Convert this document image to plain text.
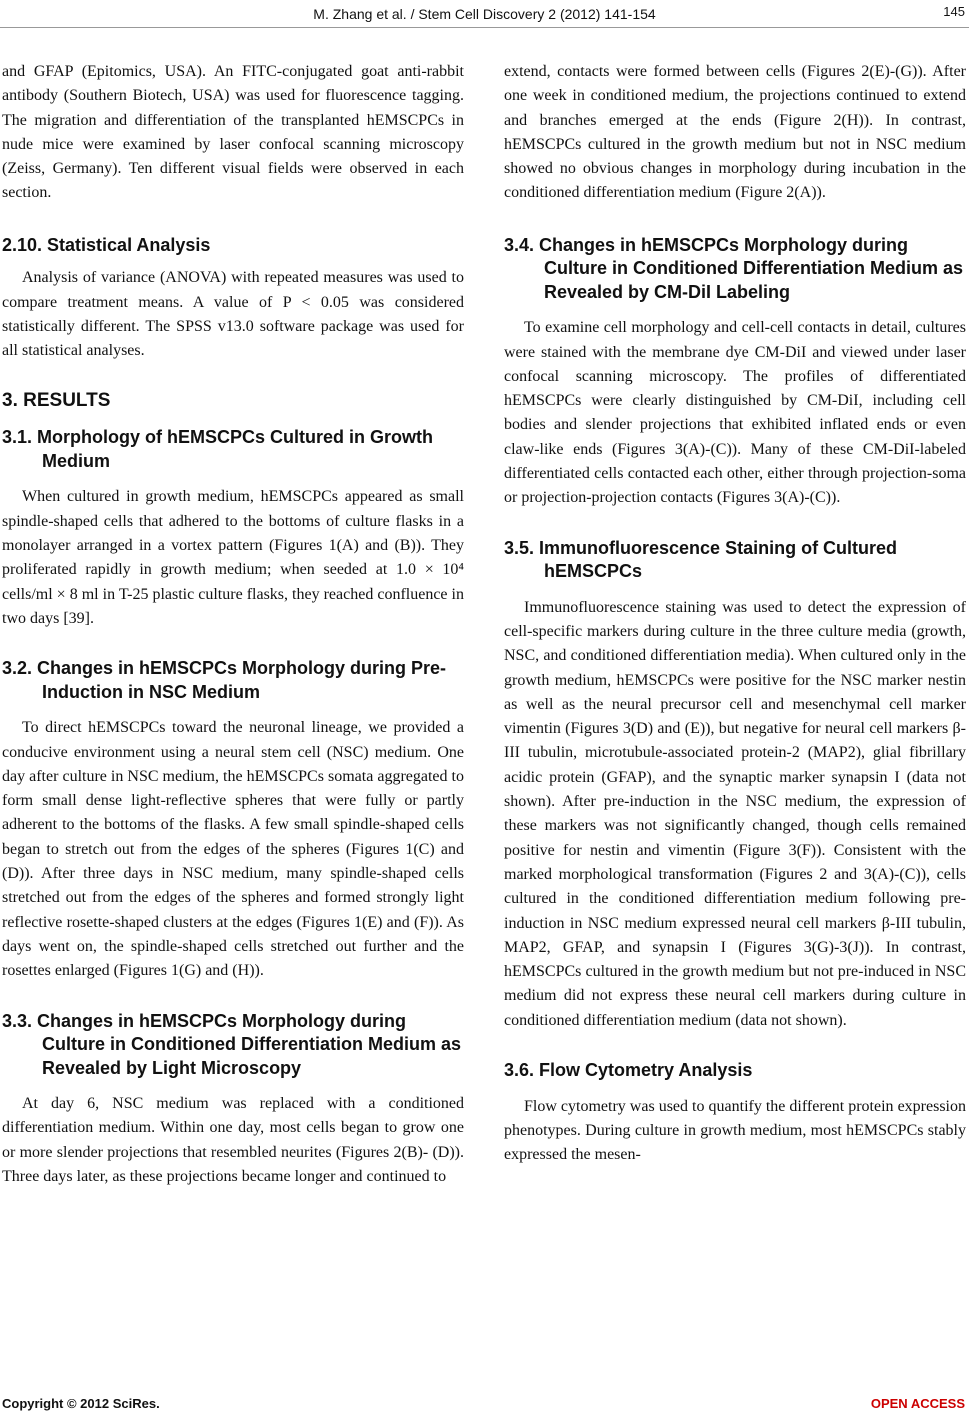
M. Zhang et al. / Stem Cell Discovery 2 (2012) 141-154	145

and GFAP (Epitomics, USA). An FITC-conjugated goat anti-rabbit antibody (Southern Biotech, USA) was used for fluorescence tagging. The migration and differentiation of the transplanted hEMSCPCs in nude mice were examined by laser confocal scanning microscopy (Zeiss, Germany). Ten different visual fields were observed in each section.

2.10. Statistical Analysis

Analysis of variance (ANOVA) with repeated measures was used to compare treatment means. A value of P < 0.05 was considered statistically different. The SPSS v13.0 software package was used for all statistical analyses.

3. RESULTS
3.1. Morphology of hEMSCPCs Cultured in Growth Medium

When cultured in growth medium, hEMSCPCs appeared as small spindle-shaped cells that adhered to the bottoms of culture flasks in a monolayer arranged in a vortex pattern (Figures 1(A) and (B)). They proliferated rapidly in growth medium; when seeded at 1.0 × 10⁴ cells/ml × 8 ml in T-25 plastic culture flasks, they reached confluence in two days [39].

3.2. Changes in hEMSCPCs Morphology during Pre-Induction in NSC Medium

To direct hEMSCPCs toward the neuronal lineage, we provided a conducive environment using a neural stem cell (NSC) medium. One day after culture in NSC medium, the hEMSCPCs somata aggregated to form small dense light-reflective spheres that were fully or partly adherent to the bottoms of the flasks. A few small spindle-shaped cells began to stretch out from the edges of the spheres (Figures 1(C) and (D)). After three days in NSC medium, many spindle-shaped cells stretched out from the edges of the spheres and formed strongly light reflective rosette-shaped clusters at the edges (Figures 1(E) and (F)). As days went on, the spindle-shaped cells stretched out further and the rosettes enlarged (Figures 1(G) and (H)).

3.3. Changes in hEMSCPCs Morphology during Culture in Conditioned Differentiation Medium as Revealed by Light Microscopy

At day 6, NSC medium was replaced with a conditioned differentiation medium. Within one day, most cells began to grow one or more slender projections that resembled neurites (Figures 2(B)- (D)). Three days later, as these projections became longer and continued to

extend, contacts were formed between cells (Figures 2(E)-(G)). After one week in conditioned medium, the projections continued to extend and branches emerged at the ends (Figure 2(H)). In contrast, hEMSCPCs cultured in the growth medium but not in NSC medium showed no obvious changes in morphology during incubation in the conditioned differentiation medium (Figure 2(A)).

3.4. Changes in hEMSCPCs Morphology during Culture in Conditioned Differentiation Medium as Revealed by CM-DiI Labeling

To examine cell morphology and cell-cell contacts in detail, cultures were stained with the membrane dye CM-DiI and viewed under laser confocal scanning microscopy. The profiles of differentiated hEMSCPCs were clearly distinguished by CM-DiI, including cell bodies and slender projections that exhibited inflated ends or even claw-like ends (Figures 3(A)-(C)). Many of these CM-DiI-labeled differentiated cells contacted each other, either through projection-soma or projection-projection contacts (Figures 3(A)-(C)).

3.5. Immunofluorescence Staining of Cultured hEMSCPCs

Immunofluorescence staining was used to detect the expression of cell-specific markers during culture in the three culture media (growth, NSC, and conditioned differentiation media). When cultured only in the growth medium, hEMSCPCs were positive for the NSC marker nestin as well as the neural precursor cell and mesenchymal cell marker vimentin (Figures 3(D) and (E)), but negative for neural cell markers β-III tubulin, microtubule-associated protein-2 (MAP2), glial fibrillary acidic protein (GFAP), and the synaptic marker synapsin I (data not shown). After pre-induction in the NSC medium, the expression of these markers was not significantly changed, though cells remained positive for nestin and vimentin (Figure 3(F)). Consistent with the marked morphological transformation (Figures 2 and 3(A)-(C)), cells cultured in the conditioned differentiation medium following pre-induction in NSC medium expressed neural cell markers β-III tubulin, MAP2, GFAP, and synapsin I (Figures 3(G)-3(J)). In contrast, hEMSCPCs cultured in the growth medium but not pre-induced in NSC medium did not express these neural cell markers during culture in conditioned differentiation medium (data not shown).

3.6. Flow Cytometry Analysis

Flow cytometry was used to quantify the different protein expression phenotypes. During culture in growth medium, most hEMSCPCs stably expressed the mesen-

Copyright © 2012 SciRes.	OPEN ACCESS
